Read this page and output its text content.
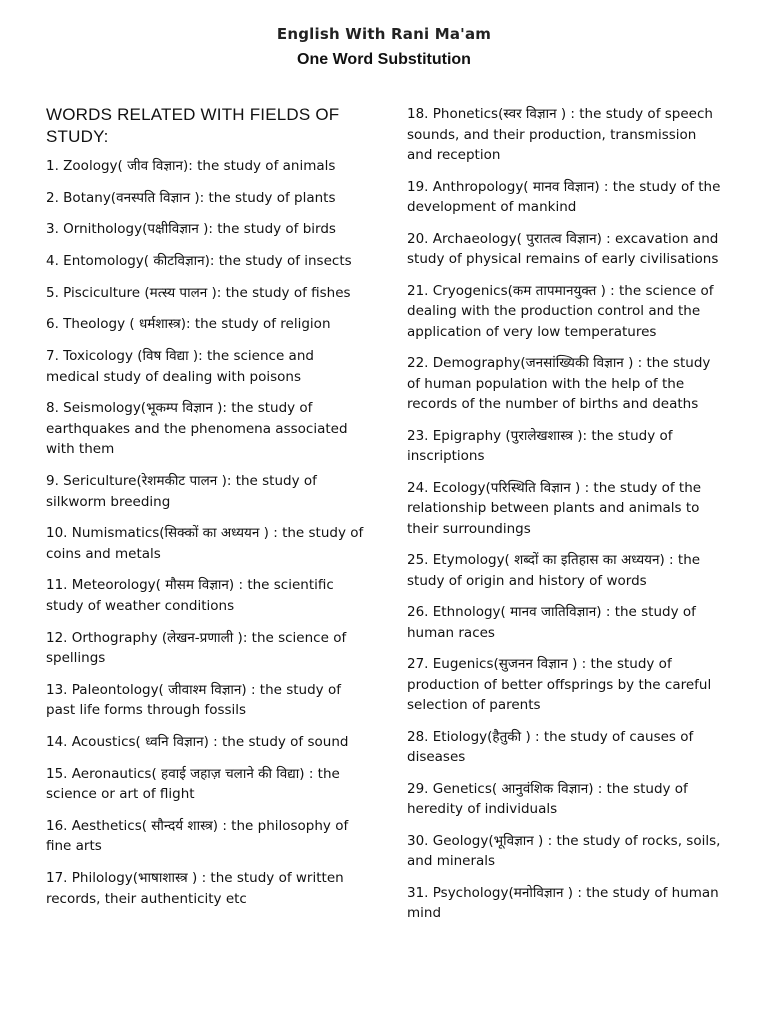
English With Rani Ma'am
One Word Substitution
WORDS RELATED WITH FIELDS OF STUDY:
1. Zoology( जीव विज्ञान): the study of animals
2. Botany(वनस्पति विज्ञान ): the study of plants
3. Ornithology(पक्षीविज्ञान ): the study of birds
4. Entomology( कीटविज्ञान): the study of insects
5. Pisciculture (मत्स्य पालन ): the study of fishes
6. Theology ( धर्मशास्त्र): the study of religion
7. Toxicology (विष विद्या ): the science and medical study of dealing with poisons
8. Seismology(भूकम्प विज्ञान ): the study of earthquakes and the phenomena associated with them
9. Sericulture(रेशमकीट पालन ): the study of silkworm breeding
10. Numismatics(सिक्कों का अध्ययन ) : the study of coins and metals
11. Meteorology( मौसम विज्ञान) : the scientific study of weather conditions
12. Orthography (लेखन-प्रणाली ): the science of spellings
13. Paleontology( जीवाश्म विज्ञान) : the study of past life forms through fossils
14. Acoustics( ध्वनि विज्ञान) : the study of sound
15. Aeronautics( हवाई जहाज़ चलाने की विद्या) : the science or art of flight
16. Aesthetics( सौन्दर्य शास्त्र) : the philosophy of fine arts
17. Philology(भाषाशास्त्र ) : the study of written records, their authenticity etc
18. Phonetics(स्वर विज्ञान ) : the study of speech sounds, and their production, transmission and reception
19. Anthropology( मानव विज्ञान) : the study of the development of mankind
20. Archaeology( पुरातत्व विज्ञान) : excavation and study of physical remains of early civilisations
21. Cryogenics(कम तापमानयुक्त ) : the science of dealing with the production control and the application of very low temperatures
22. Demography(जनसांख्यिकी विज्ञान ) : the study of human population with the help of the records of the number of births and deaths
23. Epigraphy (पुरालेखशास्त्र ): the study of inscriptions
24. Ecology(परिस्थिति विज्ञान ) : the study of the relationship between plants and animals to their surroundings
25. Etymology( शब्दों का इतिहास का अध्ययन) : the study of origin and history of words
26. Ethnology( मानव जातिविज्ञान) : the study of human races
27. Eugenics(सुजनन विज्ञान ) : the study of production of better offsprings by the careful selection of parents
28. Etiology(हैतुकी ) : the study of causes of diseases
29. Genetics( आनुवंशिक विज्ञान) : the study of heredity of individuals
30. Geology(भूविज्ञान ) : the study of rocks, soils, and minerals
31. Psychology(मनोविज्ञान ) : the study of human mind
